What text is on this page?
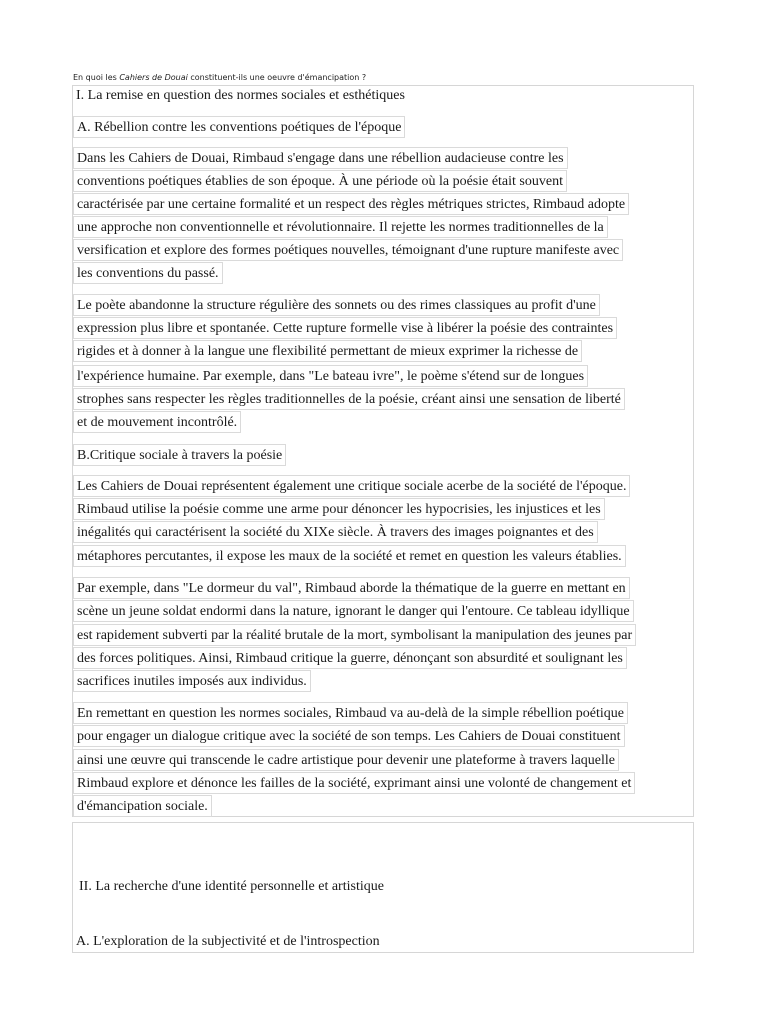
En quoi les Cahiers de Douai constituent-ils une oeuvre d'émancipation ?
I. La remise en question des normes sociales et esthétiques
A. Rébellion contre les conventions poétiques de l'époque
Dans les Cahiers de Douai, Rimbaud s'engage dans une rébellion audacieuse contre les
conventions poétiques établies de son époque. À une période où la poésie était souvent
caractérisée par une certaine formalité et un respect des règles métriques strictes, Rimbaud adopte
une approche non conventionnelle et révolutionnaire. Il rejette les normes traditionnelles de la
versification et explore des formes poétiques nouvelles, témoignant d'une rupture manifeste avec
les conventions du passé.
Le poète abandonne la structure régulière des sonnets ou des rimes classiques au profit d'une
expression plus libre et spontanée. Cette rupture formelle vise à libérer la poésie des contraintes
rigides et à donner à la langue une flexibilité permettant de mieux exprimer la richesse de
l'expérience humaine. Par exemple, dans "Le bateau ivre", le poème s'étend sur de longues
strophes sans respecter les règles traditionnelles de la poésie, créant ainsi une sensation de liberté
et de mouvement incontrôlé.
B.Critique sociale à travers la poésie
Les Cahiers de Douai représentent également une critique sociale acerbe de la société de l'époque.
Rimbaud utilise la poésie comme une arme pour dénoncer les hypocrisies, les injustices et les
inégalités qui caractérisent la société du XIXe siècle. À travers des images poignantes et des
métaphores percutantes, il expose les maux de la société et remet en question les valeurs établies.
Par exemple, dans "Le dormeur du val", Rimbaud aborde la thématique de la guerre en mettant en
scène un jeune soldat endormi dans la nature, ignorant le danger qui l'entoure. Ce tableau idyllique
est rapidement subverti par la réalité brutale de la mort, symbolisant la manipulation des jeunes par
des forces politiques. Ainsi, Rimbaud critique la guerre, dénonçant son absurdité et soulignant les
sacrifices inutiles imposés aux individus.
En remettant en question les normes sociales, Rimbaud va au-delà de la simple rébellion poétique
pour engager un dialogue critique avec la société de son temps. Les Cahiers de Douai constituent
ainsi une œuvre qui transcende le cadre artistique pour devenir une plateforme à travers laquelle
Rimbaud explore et dénonce les failles de la société, exprimant ainsi une volonté de changement et
d'émancipation sociale.
II. La recherche d'une identité personnelle et artistique
A. L'exploration de la subjectivité et de l'introspection
